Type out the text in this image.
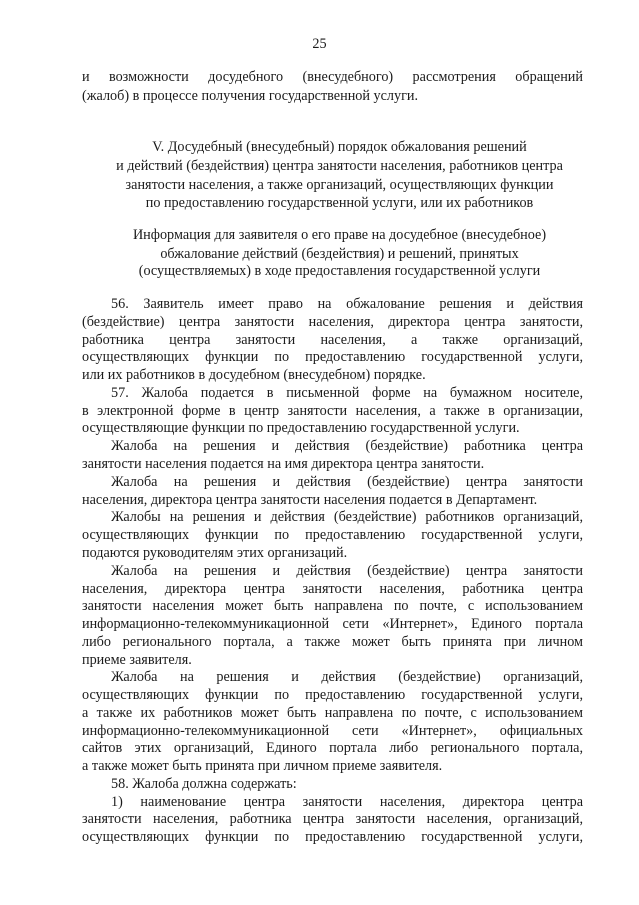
25
и возможности досудебного (внесудебного) рассмотрения обращений
(жалоб) в процессе получения государственной услуги.
V. Досудебный (внесудебный) порядок обжалования решений
и действий (бездействия) центра занятости населения, работников центра
занятости населения, а также организаций, осуществляющих функции
по предоставлению государственной услуги, или их работников
Информация для заявителя о его праве на досудебное (внесудебное)
обжалование действий (бездействия) и решений, принятых
(осуществляемых) в ходе предоставления государственной услуги
56. Заявитель имеет право на обжалование решения и действия
(бездействие) центра занятости населения, директора центра занятости,
работника центра занятости населения, а также организаций,
осуществляющих функции по предоставлению государственной услуги,
или их работников в досудебном (внесудебном) порядке.
57. Жалоба подается в письменной форме на бумажном носителе,
в электронной форме в центр занятости населения, а также в организации,
осуществляющие функции по предоставлению государственной услуги.
Жалоба на решения и действия (бездействие) работника центра
занятости населения подается на имя директора центра занятости.
Жалоба на решения и действия (бездействие) центра занятости
населения, директора центра занятости населения подается в Департамент.
Жалобы на решения и действия (бездействие) работников организаций,
осуществляющих функции по предоставлению государственной услуги,
подаются руководителям этих организаций.
Жалоба на решения и действия (бездействие) центра занятости
населения, директора центра занятости населения, работника центра
занятости населения может быть направлена по почте, с использованием
информационно-телекоммуникационной сети «Интернет», Единого портала
либо регионального портала, а также может быть принята при личном
приеме заявителя.
Жалоба на решения и действия (бездействие) организаций,
осуществляющих функции по предоставлению государственной услуги,
а также их работников может быть направлена по почте, с использованием
информационно-телекоммуникационной сети «Интернет», официальных
сайтов этих организаций, Единого портала либо регионального портала,
а также может быть принята при личном приеме заявителя.
58. Жалоба должна содержать:
1) наименование центра занятости населения, директора центра
занятости населения, работника центра занятости населения, организаций,
осуществляющих функции по предоставлению государственной услуги,
